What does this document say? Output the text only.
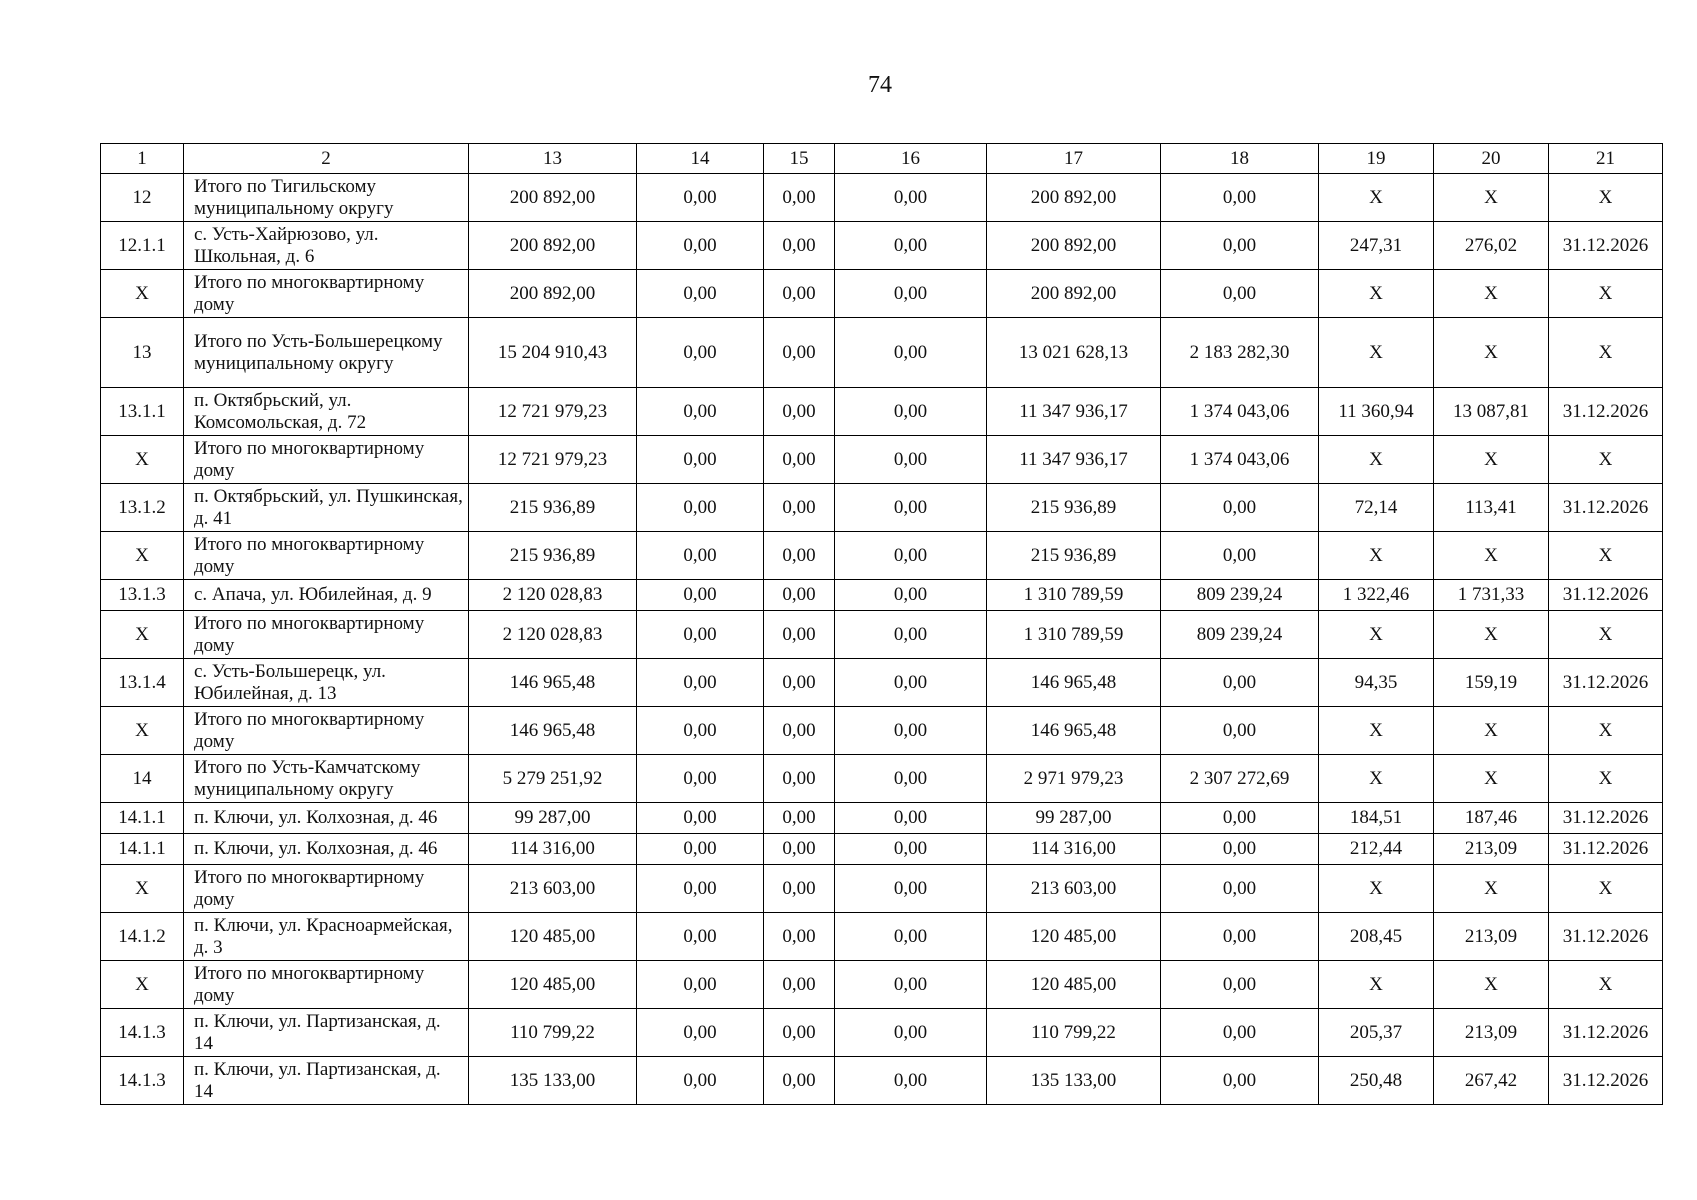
74
1	2	13	14	15	16	17	18	19	20	21
12	Итого по Тигильскому муниципальному округу	200 892,00	0,00	0,00	0,00	200 892,00	0,00	X	X	X
12.1.1	с. Усть-Хайрюзово, ул. Школьная, д. 6	200 892,00	0,00	0,00	0,00	200 892,00	0,00	247,31	276,02	31.12.2026
X	Итого по многоквартирному дому	200 892,00	0,00	0,00	0,00	200 892,00	0,00	X	X	X
13	Итого по Усть-Большерецкому муниципальному округу	15 204 910,43	0,00	0,00	0,00	13 021 628,13	2 183 282,30	X	X	X
13.1.1	п. Октябрьский, ул. Комсомольская, д. 72	12 721 979,23	0,00	0,00	0,00	11 347 936,17	1 374 043,06	11 360,94	13 087,81	31.12.2026
X	Итого по многоквартирному дому	12 721 979,23	0,00	0,00	0,00	11 347 936,17	1 374 043,06	X	X	X
13.1.2	п. Октябрьский, ул. Пушкинская, д. 41	215 936,89	0,00	0,00	0,00	215 936,89	0,00	72,14	113,41	31.12.2026
X	Итого по многоквартирному дому	215 936,89	0,00	0,00	0,00	215 936,89	0,00	X	X	X
13.1.3	с. Апача, ул. Юбилейная, д. 9	2 120 028,83	0,00	0,00	0,00	1 310 789,59	809 239,24	1 322,46	1 731,33	31.12.2026
X	Итого по многоквартирному дому	2 120 028,83	0,00	0,00	0,00	1 310 789,59	809 239,24	X	X	X
13.1.4	с. Усть-Большерецк, ул. Юбилейная, д. 13	146 965,48	0,00	0,00	0,00	146 965,48	0,00	94,35	159,19	31.12.2026
X	Итого по многоквартирному дому	146 965,48	0,00	0,00	0,00	146 965,48	0,00	X	X	X
14	Итого по Усть-Камчатскому муниципальному округу	5 279 251,92	0,00	0,00	0,00	2 971 979,23	2 307 272,69	X	X	X
14.1.1	п. Ключи, ул. Колхозная, д. 46	99 287,00	0,00	0,00	0,00	99 287,00	0,00	184,51	187,46	31.12.2026
14.1.1	п. Ключи, ул. Колхозная, д. 46	114 316,00	0,00	0,00	0,00	114 316,00	0,00	212,44	213,09	31.12.2026
X	Итого по многоквартирному дому	213 603,00	0,00	0,00	0,00	213 603,00	0,00	X	X	X
14.1.2	п. Ключи, ул. Красноармейская, д. 3	120 485,00	0,00	0,00	0,00	120 485,00	0,00	208,45	213,09	31.12.2026
X	Итого по многоквартирному дому	120 485,00	0,00	0,00	0,00	120 485,00	0,00	X	X	X
14.1.3	п. Ключи, ул. Партизанская, д. 14	110 799,22	0,00	0,00	0,00	110 799,22	0,00	205,37	213,09	31.12.2026
14.1.3	п. Ключи, ул. Партизанская, д. 14	135 133,00	0,00	0,00	0,00	135 133,00	0,00	250,48	267,42	31.12.2026
